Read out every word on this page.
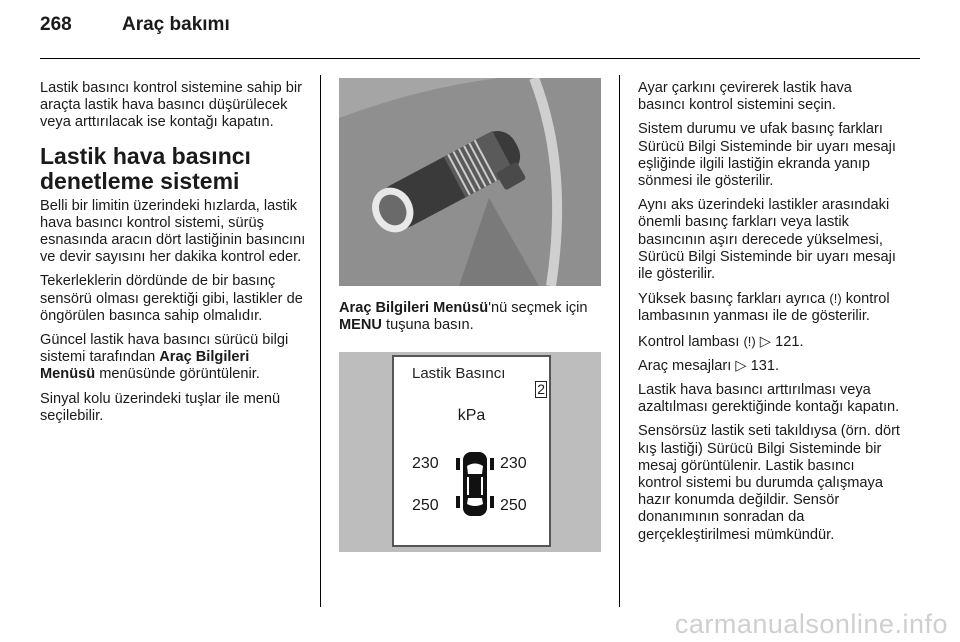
268	Araç bakımı

Lastik basıncı kontrol sistemine sahip bir araçta lastik hava basıncı düşürülecek veya arttırılacak ise kontağı kapatın.

Lastik hava basıncı denetleme sistemi

Belli bir limitin üzerindeki hızlarda, lastik hava basıncı kontrol sistemi, sürüş esnasında aracın dört lastiğinin basıncını ve devir sayısını her dakika kontrol eder.

Tekerleklerin dördünde de bir basınç sensörü olması gerektiği gibi, lastikler de öngörülen basınca sahip olmalıdır.

Güncel lastik hava basıncı sürücü bilgi sistemi tarafından Araç Bilgileri Menüsü menüsünde görüntülenir.

Sinyal kolu üzerindeki tuşlar ile menü seçilebilir.

Araç Bilgileri Menüsü'nü seçmek için MENU tuşuna basın.

Lastik Basıncı
2
kPa
230	230
250	250

Ayar çarkını çevirerek lastik hava basıncı kontrol sistemini seçin.

Sistem durumu ve ufak basınç farkları Sürücü Bilgi Sisteminde bir uyarı mesajı eşliğinde ilgili lastiğin ekranda yanıp sönmesi ile gösterilir.

Aynı aks üzerindeki lastikler arasındaki önemli basınç farkları veya lastik basıncının aşırı derecede yükselmesi, Sürücü Bilgi Sisteminde bir uyarı mesajı ile gösterilir.

Yüksek basınç farkları ayrıca (!) kontrol lambasının yanması ile de gösterilir.

Kontrol lambası (!) ▷ 121.

Araç mesajları ▷ 131.

Lastik hava basıncı arttırılması veya azaltılması gerektiğinde kontağı kapatın.

Sensörsüz lastik seti takıldıysa (örn. dört kış lastiği) Sürücü Bilgi Sisteminde bir mesaj görüntülenir. Lastik basıncı kontrol sistemi bu durumda çalışmaya hazır konumda değildir. Sensör donanımının sonradan da gerçekleştirilmesi mümkündür.

carmanualsonline.info
